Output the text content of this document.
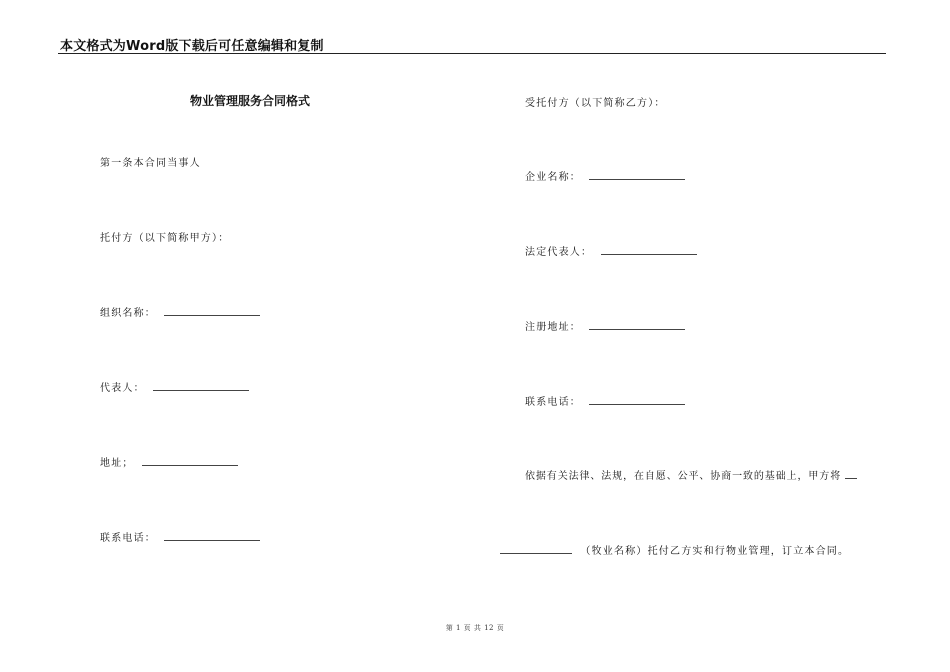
本文格式为Word版下载后可任意编辑和复制
物业管理服务合同格式
第一条本合同当事人
托付方（以下简称甲方）：
组织名称：
代表人：
地址；
联系电话：
受托付方（以下简称乙方）：
企业名称：
法定代表人：
注册地址：
联系电话：
依据有关法律、法规，在自愿、公平、协商一致的基础上，甲方将
（牧业名称）托付乙方实和行物业管理，订立本合同。
第 1 页 共 12 页
